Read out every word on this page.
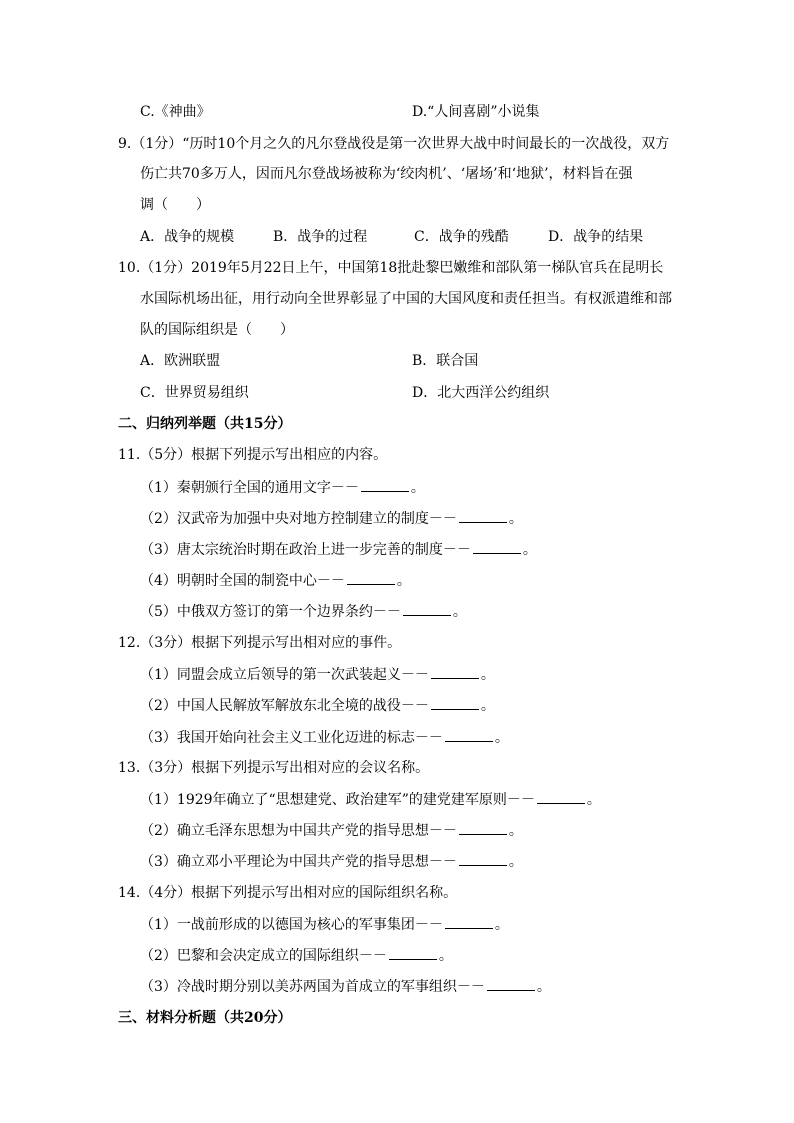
C.《神曲》	D.“人间喜剧”小说集
9.（1分）“历时10个月之久的凡尔登战役是第一次世界大战中时间最长的一次战役，双方
伤亡共70多万人，因而凡尔登战场被称为‘绞肉机’、‘屠场’和‘地狱’，材料旨在强
调（　　）
A．战争的规模	B．战争的过程	C．战争的残酷	D．战争的结果
10.（1分）2019年5月22日上午，中国第18批赴黎巴嫩维和部队第一梯队官兵在昆明长
水国际机场出征，用行动向全世界彰显了中国的大国风度和责任担当。有权派遣维和部
队的国际组织是（　　）
A．欧洲联盟	B．联合国
C．世界贸易组织	D．北大西洋公约组织
二、归纳列举题（共15分）
11.（5分）根据下列提示写出相应的内容。
（1）秦朝颁行全国的通用文字－－	。
（2）汉武帝为加强中央对地方控制建立的制度－－	。
（3）唐太宗统治时期在政治上进一步完善的制度－－	。
（4）明朝时全国的制瓷中心－－	。
（5）中俄双方签订的第一个边界条约－－	。
12.（3分）根据下列提示写出相对应的事件。
（1）同盟会成立后领导的第一次武装起义－－	。
（2）中国人民解放军解放东北全境的战役－－	。
（3）我国开始向社会主义工业化迈进的标志－－	。
13.（3分）根据下列提示写出相对应的会议名称。
（1）1929年确立了“思想建党、政治建军”的建党建军原则－－	。
（2）确立毛泽东思想为中国共产党的指导思想－－	。
（3）确立邓小平理论为中国共产党的指导思想－－	。
14.（4分）根据下列提示写出相对应的国际组织名称。
（1）一战前形成的以德国为核心的军事集团－－	。
（2）巴黎和会决定成立的国际组织－－	。
（3）冷战时期分别以美苏两国为首成立的军事组织－－	。
三、材料分析题（共20分）
